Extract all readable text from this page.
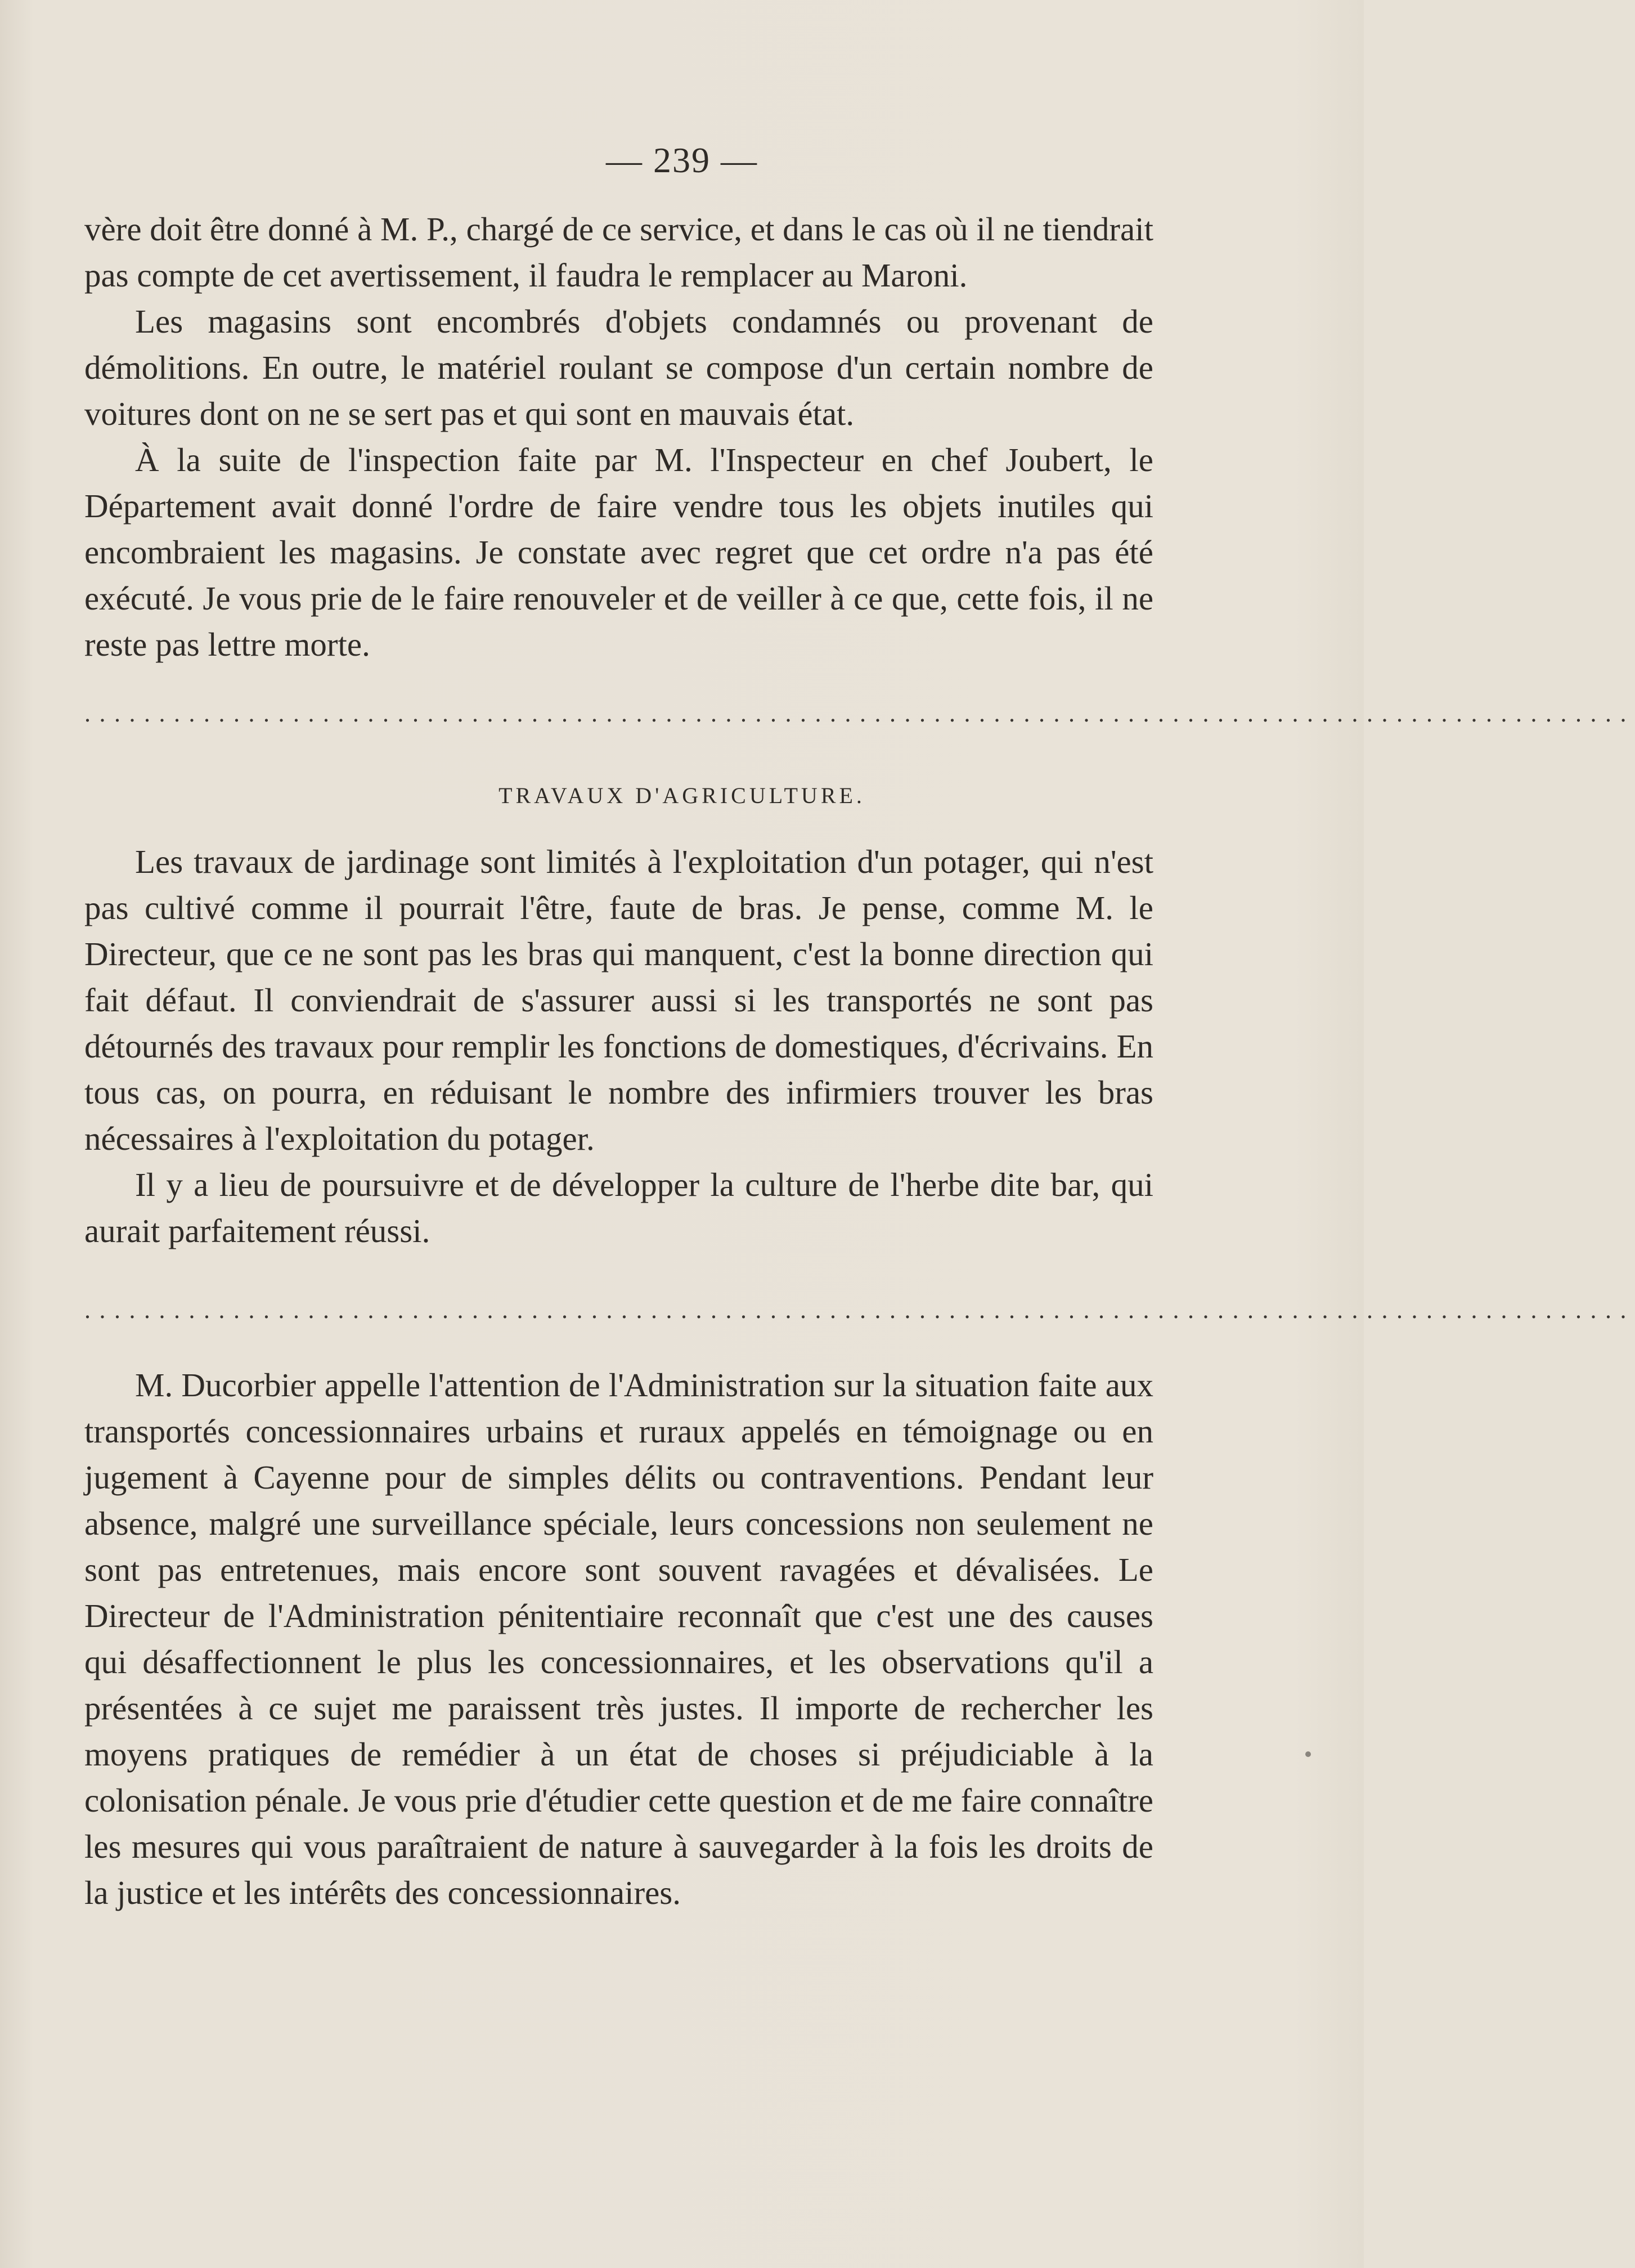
— 239 —

vère doit être donné à M. P., chargé de ce service, et dans le cas où il ne tiendrait pas compte de cet avertissement, il faudra le remplacer au Maroni.

Les magasins sont encombrés d'objets condamnés ou provenant de démolitions. En outre, le matériel roulant se compose d'un certain nombre de voitures dont on ne se sert pas et qui sont en mauvais état.

À la suite de l'inspection faite par M. l'Inspecteur en chef Joubert, le Département avait donné l'ordre de faire vendre tous les objets inutiles qui encombraient les magasins. Je constate avec regret que cet ordre n'a pas été exécuté. Je vous prie de le faire renouveler et de veiller à ce que, cette fois, il ne reste pas lettre morte.

........................................................................................................
TRAVAUX D'AGRICULTURE.

Les travaux de jardinage sont limités à l'exploitation d'un potager, qui n'est pas cultivé comme il pourrait l'être, faute de bras. Je pense, comme M. le Directeur, que ce ne sont pas les bras qui manquent, c'est la bonne direction qui fait défaut. Il conviendrait de s'assurer aussi si les transportés ne sont pas détournés des travaux pour remplir les fonctions de domestiques, d'écrivains. En tous cas, on pourra, en réduisant le nombre des infirmiers trouver les bras nécessaires à l'exploitation du potager.

Il y a lieu de poursuivre et de développer la culture de l'herbe dite bar, qui aurait parfaitement réussi.

........................................................................................................

M. Ducorbier appelle l'attention de l'Administration sur la situation faite aux transportés concessionnaires urbains et ruraux appelés en témoignage ou en jugement à Cayenne pour de simples délits ou contraventions. Pendant leur absence, malgré une surveillance spéciale, leurs concessions non seulement ne sont pas entretenues, mais encore sont souvent ravagées et dévalisées. Le Directeur de l'Administration pénitentiaire reconnaît que c'est une des causes qui désaffectionnent le plus les concessionnaires, et les observations qu'il a présentées à ce sujet me paraissent très justes. Il importe de rechercher les moyens pratiques de remédier à un état de choses si préjudiciable à la colonisation pénale. Je vous prie d'étudier cette question et de me faire connaître les mesures qui vous paraîtraient de nature à sauvegarder à la fois les droits de la justice et les intérêts des concessionnaires.
